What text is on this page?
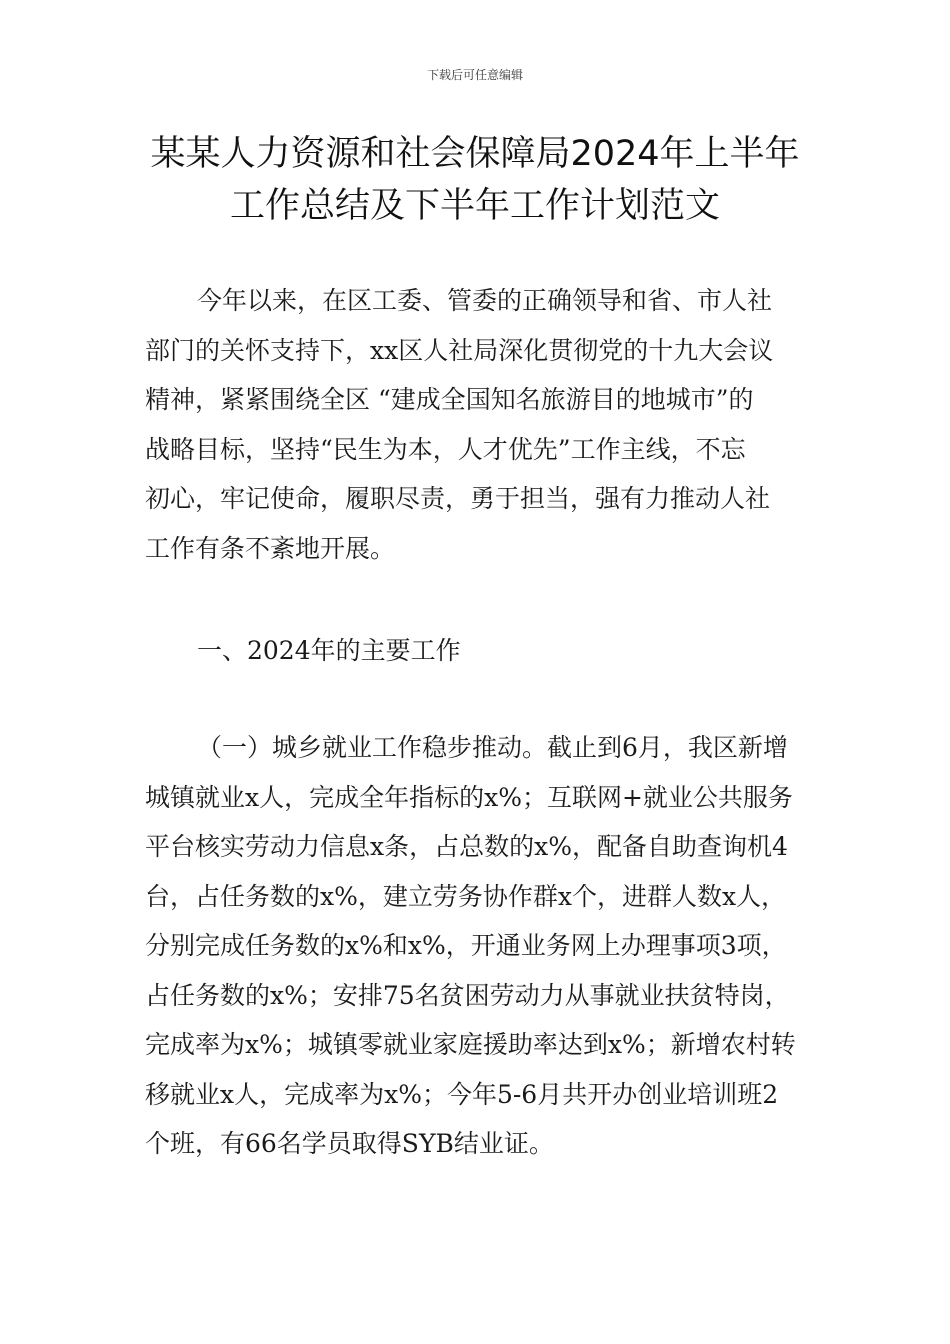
下载后可任意编辑
某某人力资源和社会保障局2024年上半年
工作总结及下半年工作计划范文
今年以来，在区工委、管委的正确领导和省、市人社
部门的关怀支持下，xx区人社局深化贯彻党的十九大会议
精神，紧紧围绕全区 “建成全国知名旅游目的地城市”的
战略目标，坚持“民生为本，人才优先”工作主线，不忘
初心，牢记使命，履职尽责，勇于担当，强有力推动人社
工作有条不紊地开展。
一、2024年的主要工作
（一）城乡就业工作稳步推动。截止到6月，我区新增
城镇就业x人，完成全年指标的x%；互联网+就业公共服务
平台核实劳动力信息x条，占总数的x%，配备自助查询机4
台，占任务数的x%，建立劳务协作群x个，进群人数x人，
分别完成任务数的x%和x%，开通业务网上办理事项3项，
占任务数的x%；安排75名贫困劳动力从事就业扶贫特岗，
完成率为x%；城镇零就业家庭援助率达到x%；新增农村转
移就业x人，完成率为x%；今年5-6月共开办创业培训班2
个班，有66名学员取得SYB结业证。
